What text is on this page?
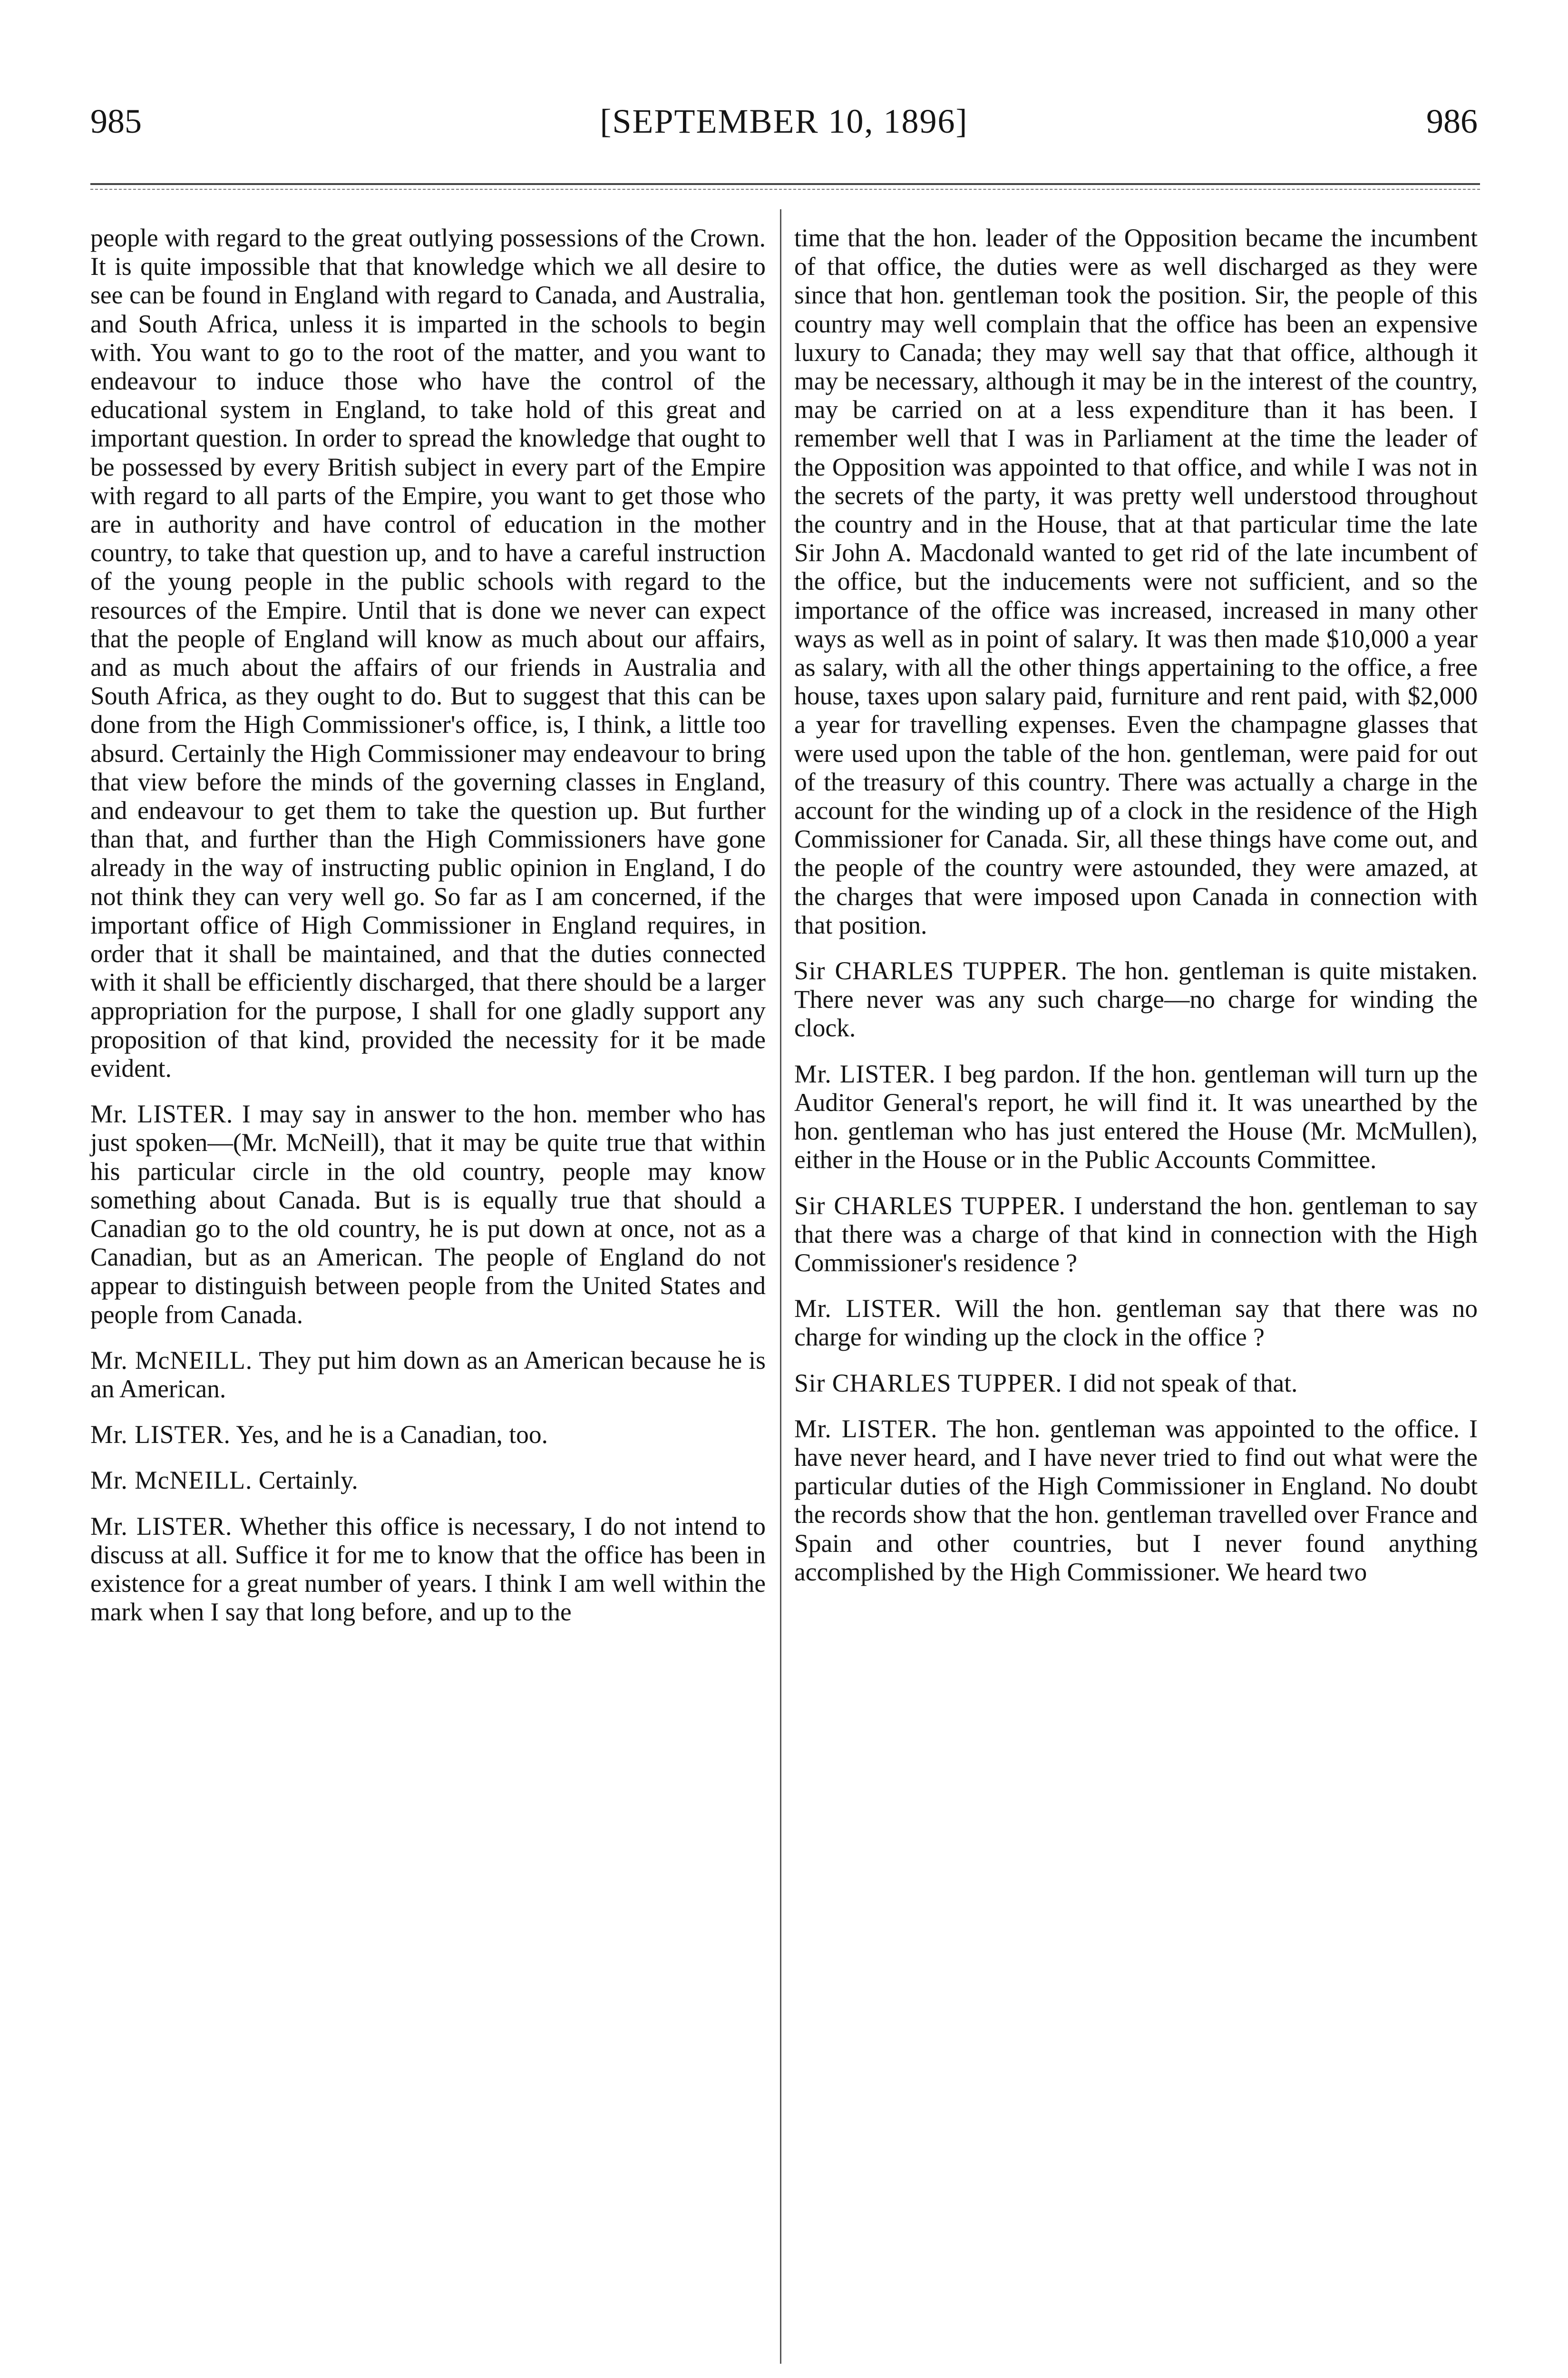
985	[SEPTEMBER 10, 1896]	986

people with regard to the great outlying possessions of the Crown. It is quite impossible that that knowledge which we all desire to see can be found in England with regard to Canada, and Australia, and South Africa, unless it is imparted in the schools to begin with. You want to go to the root of the matter, and you want to endeavour to induce those who have the control of the educational system in England, to take hold of this great and important question. In order to spread the knowledge that ought to be possessed by every British subject in every part of the Empire with regard to all parts of the Empire, you want to get those who are in authority and have control of education in the mother country, to take that question up, and to have a careful instruction of the young people in the public schools with regard to the resources of the Empire. Until that is done we never can expect that the people of England will know as much about our affairs, and as much about the affairs of our friends in Australia and South Africa, as they ought to do. But to suggest that this can be done from the High Commissioner's office, is, I think, a little too absurd. Certainly the High Commissioner may endeavour to bring that view before the minds of the governing classes in England, and endeavour to get them to take the question up. But further than that, and further than the High Commissioners have gone already in the way of instructing public opinion in England, I do not think they can very well go. So far as I am concerned, if the important office of High Commissioner in England requires, in order that it shall be maintained, and that the duties connected with it shall be efficiently discharged, that there should be a larger appropriation for the purpose, I shall for one gladly support any proposition of that kind, provided the necessity for it be made evident.

Mr. LISTER. I may say in answer to the hon. member who has just spoken—(Mr. McNeill), that it may be quite true that within his particular circle in the old country, people may know something about Canada. But is is equally true that should a Canadian go to the old country, he is put down at once, not as a Canadian, but as an American. The people of England do not appear to distinguish between people from the United States and people from Canada.

Mr. McNEILL. They put him down as an American because he is an American.

Mr. LISTER. Yes, and he is a Canadian, too.

Mr. McNEILL. Certainly.

Mr. LISTER. Whether this office is necessary, I do not intend to discuss at all. Suffice it for me to know that the office has been in existence for a great number of years. I think I am well within the mark when I say that long before, and up to the

time that the hon. leader of the Opposition became the incumbent of that office, the duties were as well discharged as they were since that hon. gentleman took the position. Sir, the people of this country may well complain that the office has been an expensive luxury to Canada; they may well say that that office, although it may be necessary, although it may be in the interest of the country, may be carried on at a less expenditure than it has been. I remember well that I was in Parliament at the time the leader of the Opposition was appointed to that office, and while I was not in the secrets of the party, it was pretty well understood throughout the country and in the House, that at that particular time the late Sir John A. Macdonald wanted to get rid of the late incumbent of the office, but the inducements were not sufficient, and so the importance of the office was increased, increased in many other ways as well as in point of salary. It was then made $10,000 a year as salary, with all the other things appertaining to the office, a free house, taxes upon salary paid, furniture and rent paid, with $2,000 a year for travelling expenses. Even the champagne glasses that were used upon the table of the hon. gentleman, were paid for out of the treasury of this country. There was actually a charge in the account for the winding up of a clock in the residence of the High Commissioner for Canada. Sir, all these things have come out, and the people of the country were astounded, they were amazed, at the charges that were imposed upon Canada in connection with that position.

Sir CHARLES TUPPER. The hon. gentleman is quite mistaken. There never was any such charge—no charge for winding the clock.

Mr. LISTER. I beg pardon. If the hon. gentleman will turn up the Auditor General's report, he will find it. It was unearthed by the hon. gentleman who has just entered the House (Mr. McMullen), either in the House or in the Public Accounts Committee.

Sir CHARLES TUPPER. I understand the hon. gentleman to say that there was a charge of that kind in connection with the High Commissioner's residence ?

Mr. LISTER. Will the hon. gentleman say that there was no charge for winding up the clock in the office ?

Sir CHARLES TUPPER. I did not speak of that.

Mr. LISTER. The hon. gentleman was appointed to the office. I have never heard, and I have never tried to find out what were the particular duties of the High Commissioner in England. No doubt the records show that the hon. gentleman travelled over France and Spain and other countries, but I never found anything accomplished by the High Commissioner. We heard two
